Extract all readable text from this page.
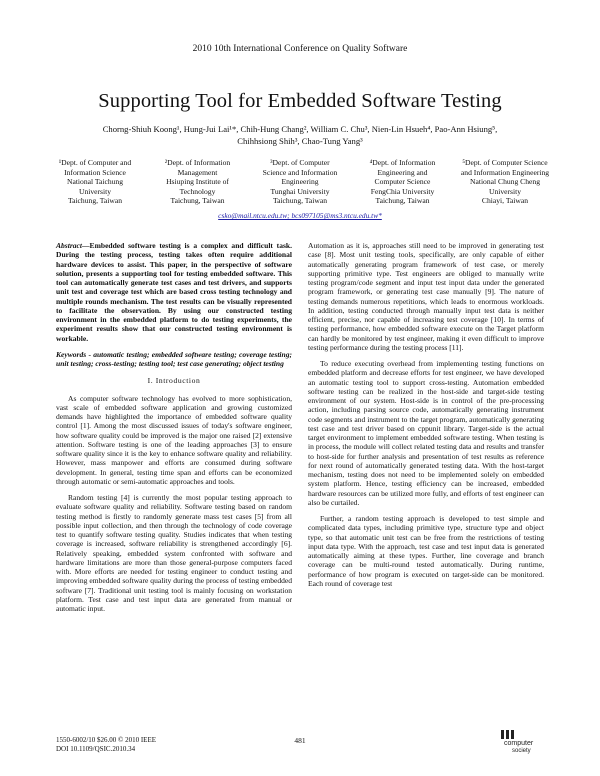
2010 10th International Conference on Quality Software
Supporting Tool for Embedded Software Testing
Chorng-Shiuh Koong¹, Hung-Jui Lai¹*, Chih-Hung Chang², William C. Chu³, Nien-Lin Hsueh⁴, Pao-Ann Hsiung⁵,
Chihhsiong Shih³, Chao-Tung Yang³
¹Dept. of Computer and
Information Science
National Taichung
University
Taichung, Taiwan
²Dept. of Information
Management
Hsiuping Institute of
Technology
Taichung, Taiwan
³Dept. of Computer
Science and Information
Engineering
Tunghai University
Taichung, Taiwan
⁴Dept. of Information
Engineering and
Computer Science
FengChia University
Taichung, Taiwan
⁵Dept. of Computer Science
and Information Engineering
National Chung Cheng
University
Chiayi, Taiwan
csko@mail.ntcu.edu.tw; bcs097105@ms3.ntcu.edu.tw*

Abstract—Embedded software testing is a complex and difficult task. During the testing process, testing takes often require additional hardware devices to assist. This paper, in the perspective of software solution, presents a supporting tool for testing embedded software. This tool can automatically generate test cases and test drivers, and supports unit test and coverage test which are based cross testing technology and multiple rounds mechanism. The test results can be visually represented to facilitate the observation. By using our constructed testing environment in the embedded platform to do testing experiments, the experiment results show that our constructed testing environment is workable.

Keywords - automatic testing; embedded software testing; coverage testing; unit testing; cross-testing; testing tool; test case generating; object testing

I. Introduction

As computer software technology has evolved to more sophistication, vast scale of embedded software application and growing customized demands have highlighted the importance of embedded software quality control [1]. Among the most discussed issues of today's software engineer, how software quality could be improved is the major one raised [2] extensive attention. Software testing is one of the leading approaches [3] to ensure software quality since it is the key to enhance software quality and reliability. However, mass manpower and efforts are consumed during software development. In general, testing time span and efforts can be economized through automatic or semi-automatic approaches and tools.

Random testing [4] is currently the most popular testing approach to evaluate software quality and reliability. Software testing based on random testing method is firstly to randomly generate mass test cases [5] from all possible input collection, and then through the technology of code coverage test to quantify software testing quality. Studies indicates that when testing coverage is increased, software reliability is strengthened accordingly [6]. Relatively speaking, embedded system confronted with software and hardware limitations are more than those general-purpose computers faced with. More efforts are needed for testing engineer to conduct testing and improving embedded software quality during the process of testing embedded software [7]. Traditional unit testing tool is mainly focusing on workstation platform. Test case and test input data are generated from manual or automatic input.

Automation as it is, approaches still need to be improved in generating test case [8]. Most unit testing tools, specifically, are only capable of either automatically generating program framework of test case, or merely supporting primitive type. Test engineers are obliged to manually write testing program/code segment and input test input data under the generated program framework, or generating test case manually [9]. The nature of testing demands numerous repetitions, which leads to enormous workloads. In addition, testing conducted through manually input test data is neither efficient, precise, nor capable of increasing test coverage [10]. In terms of testing performance, how embedded software execute on the Target platform can hardly be monitored by test engineer, making it even difficult to improve testing performance during the testing process [11].

To reduce executing overhead from implementing testing functions on embedded platform and decrease efforts for test engineer, we have developed an automatic testing tool to support cross-testing. Automation embedded software testing can be realized in the host-side and target-side testing environment of our system. Host-side is in control of the pre-processing action, including parsing source code, automatically generating instrument code segments and instrument to the target program, automatically generating test case and test driver based on cppunit library. Target-side is the actual target environment to implement embedded software testing. When testing is in process, the module will collect related testing data and results and transfer to host-side for further analysis and presentation of test results as reference for next round of automatically generated testing data. With the host-target mechanism, testing does not need to be implemented solely on embedded system platform. Hence, testing efficiency can be increased, embedded hardware resources can be utilized more fully, and efforts of test engineer can also be curtailed.

Further, a random testing approach is developed to test simple and complicated data types, including primitive type, structure type and object type, so that automatic unit test can be free from the restrictions of testing input data type. With the approach, test case and test input data is generated automatically aiming at these types. Further, line coverage and branch coverage can be multi-round tested automatically. During runtime, performance of how program is executed on target-side can be monitored. Each round of coverage test

1550-6002/10 $26.00 © 2010 IEEE
DOI 10.1109/QSIC.2010.34
481	computer
society
